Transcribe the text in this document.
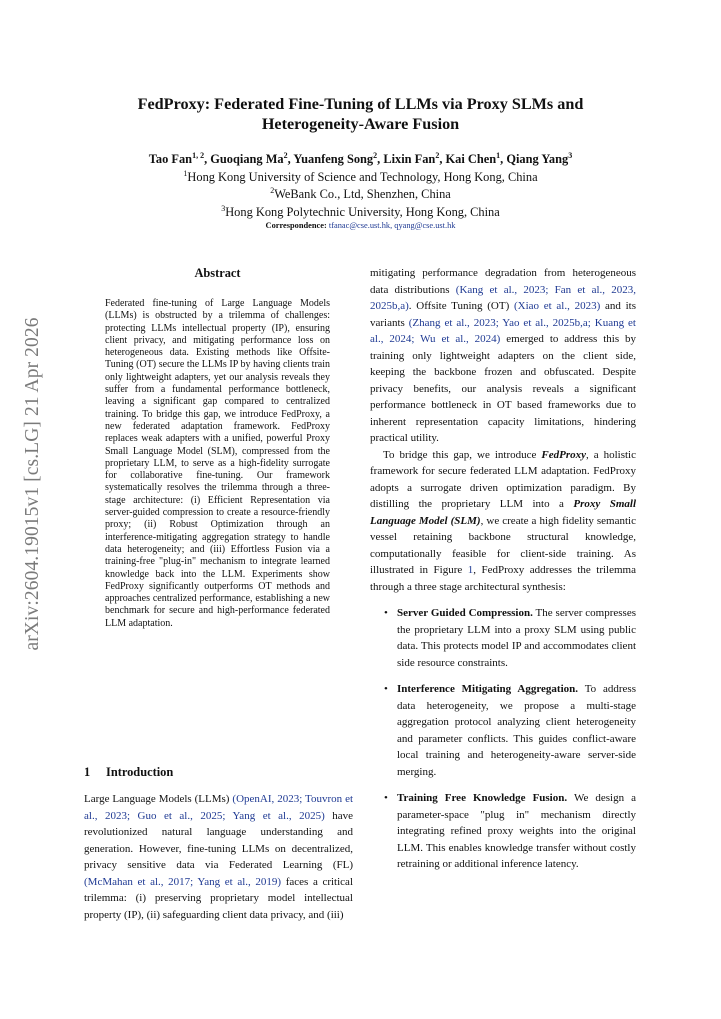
arXiv:2604.19015v1 [cs.LG] 21 Apr 2026
FedProxy: Federated Fine-Tuning of LLMs via Proxy SLMs and
Heterogeneity-Aware Fusion
Tao Fan$^{1, 2}$, Guoqiang Ma$^2$, Yuanfeng Song$^2$, Lixin Fan$^2$, Kai Chen$^1$, Qiang Yang$^3$
$^1$Hong Kong University of Science and Technology, Hong Kong, China
$^2$WeBank Co., Ltd, Shenzhen, China
$^3$Hong Kong Polytechnic University, Hong Kong, China
Correspondence: tfanac@cse.ust.hk, qyang@cse.ust.hk
Abstract
Federated fine-tuning of Large Language Models (LLMs) is obstructed by a trilemma of challenges: protecting LLMs intellectual property (IP), ensuring client privacy, and mitigating performance loss on heterogeneous data. Existing methods like Offsite-Tuning (OT) secure the LLMs IP by having clients train only lightweight adapters, yet our analysis reveals they suffer from a fundamental performance bottleneck, leaving a significant gap compared to centralized training. To bridge this gap, we introduce FedProxy, a new federated adaptation framework. FedProxy replaces weak adapters with a unified, powerful Proxy Small Language Model (SLM), compressed from the proprietary LLM, to serve as a high-fidelity surrogate for collaborative fine-tuning. Our framework systematically resolves the trilemma through a three-stage architecture: (i) Efficient Representation via server-guided compression to create a resource-friendly proxy; (ii) Robust Optimization through an interference-mitigating aggregation strategy to handle data heterogeneity; and (iii) Effortless Fusion via a training-free "plug-in" mechanism to integrate learned knowledge back into the LLM. Experiments show FedProxy significantly outperforms OT methods and approaches centralized performance, establishing a new benchmark for secure and high-performance federated LLM adaptation.
1 Introduction
Large Language Models (LLMs) (OpenAI, 2023; Touvron et al., 2023; Guo et al., 2025; Yang et al., 2025) have revolutionized natural language understanding and generation. However, fine-tuning LLMs on decentralized, privacy sensitive data via Federated Learning (FL) (McMahan et al., 2017; Yang et al., 2019) faces a critical trilemma: (i) preserving proprietary model intellectual property (IP), (ii) safeguarding client data privacy, and (iii)

mitigating performance degradation from heterogeneous data distributions (Kang et al., 2023; Fan et al., 2023, 2025b,a). Offsite Tuning (OT) (Xiao et al., 2023) and its variants (Zhang et al., 2023; Yao et al., 2025b,a; Kuang et al., 2024; Wu et al., 2024) emerged to address this by training only lightweight adapters on the client side, keeping the backbone frozen and obfuscated. Despite privacy benefits, our analysis reveals a significant performance bottleneck in OT based frameworks due to inherent representation capacity limitations, hindering practical utility.

To bridge this gap, we introduce FedProxy, a holistic framework for secure federated LLM adaptation. FedProxy adopts a surrogate driven optimization paradigm. By distilling the proprietary LLM into a Proxy Small Language Model (SLM), we create a high fidelity semantic vessel retaining backbone structural knowledge, computationally feasible for client-side training. As illustrated in Figure 1, FedProxy addresses the trilemma through a three stage architectural synthesis:

• Server Guided Compression. The server compresses the proprietary LLM into a proxy SLM using public data. This protects model IP and accommodates client side resource constraints.
• Interference Mitigating Aggregation. To address data heterogeneity, we propose a multi-stage aggregation protocol analyzing client heterogeneity and parameter conflicts. This guides conflict-aware local training and heterogeneity-aware server-side merging.
• Training Free Knowledge Fusion. We design a parameter-space "plug in" mechanism directly integrating refined proxy weights into the original LLM. This enables knowledge transfer without costly retraining or additional inference latency.
